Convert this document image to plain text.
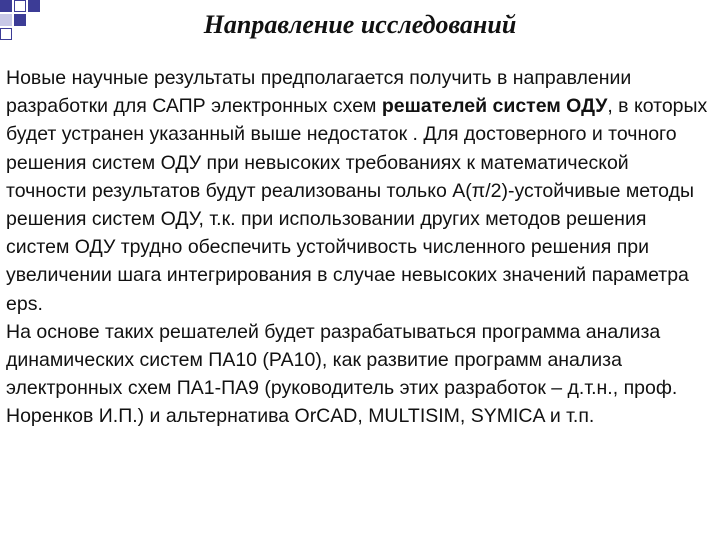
Направление исследований

Новые научные результаты предполагается получить в направлении разработки для САПР электронных схем решателей систем ОДУ, в которых будет устранен указанный выше недостаток . Для достоверного и точного решения систем ОДУ при невысоких требованиях к математической точности результатов будут реализованы только A(π/2)-устойчивые методы решения систем ОДУ, т.к. при использовании других методов решения систем ОДУ трудно обеспечить устойчивость численного решения при увеличении шага интегрирования в случае невысоких значений параметра eps.

На основе таких решателей будет разрабатываться программа анализа динамических систем ПА10 (РА10), как развитие программ анализа электронных схем ПА1-ПА9 (руководитель этих разработок – д.т.н., проф. Норенков И.П.) и альтернатива OrCAD, MULTISIM, SYMICA и т.п.
